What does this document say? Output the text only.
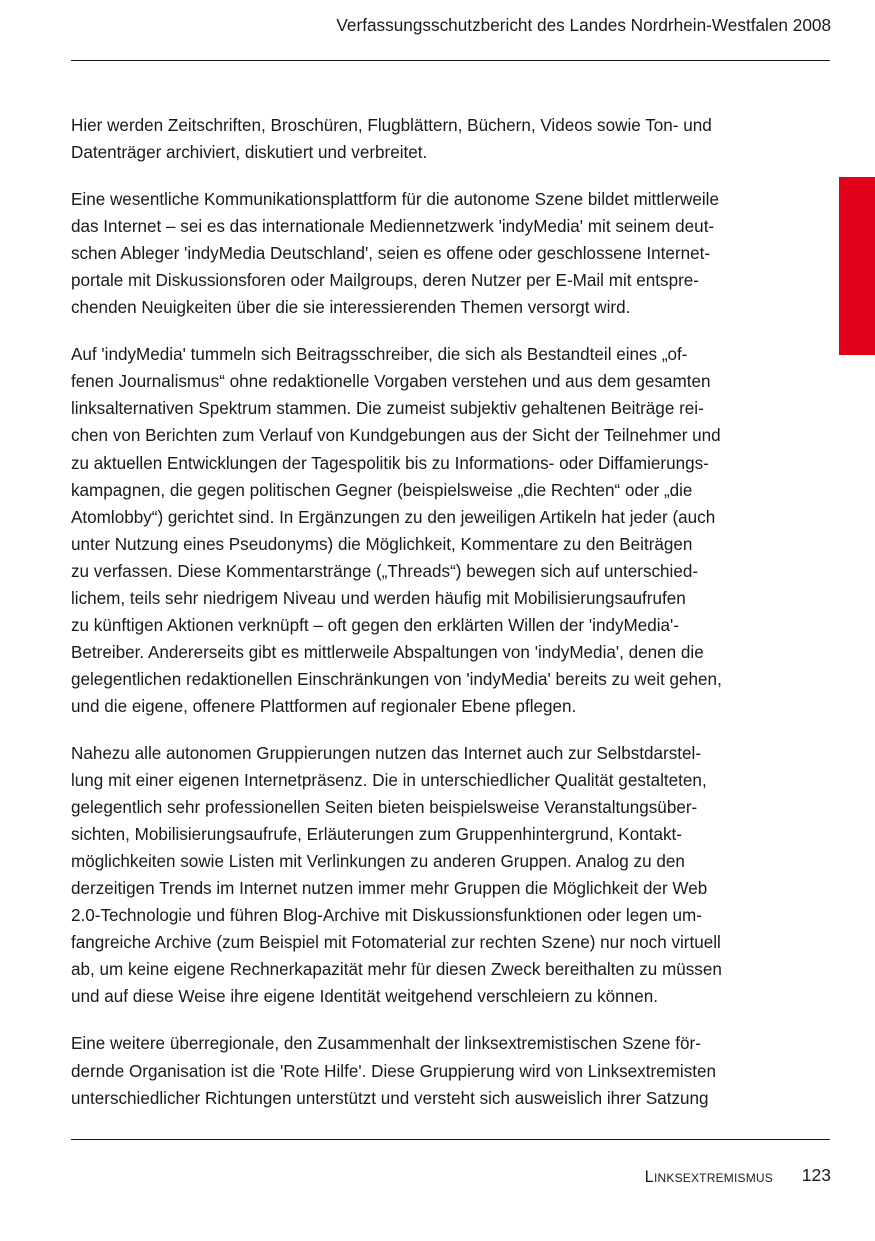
Verfassungsschutzbericht des Landes Nordrhein-Westfalen 2008

Hier werden Zeitschriften, Broschüren, Flugblättern, Büchern, Videos sowie Ton- und
Datenträger archiviert, diskutiert und verbreitet.

Eine wesentliche Kommunikationsplattform für die autonome Szene bildet mittlerweile
das Internet – sei es das internationale Mediennetzwerk 'indyMedia' mit seinem deut-
schen Ableger 'indyMedia Deutschland', seien es offene oder geschlossene Internet-
portale mit Diskussionsforen oder Mailgroups, deren Nutzer per E-Mail mit entspre-
chenden Neuigkeiten über die sie interessierenden Themen versorgt wird.

Auf 'indyMedia' tummeln sich Beitragsschreiber, die sich als Bestandteil eines „of-
fenen Journalismus“ ohne redaktionelle Vorgaben verstehen und aus dem gesamten
linksalternativen Spektrum stammen. Die zumeist subjektiv gehaltenen Beiträge rei-
chen von Berichten zum Verlauf von Kundgebungen aus der Sicht der Teilnehmer und
zu aktuellen Entwicklungen der Tagespolitik bis zu Informations- oder Diffamierungs-
kampagnen, die gegen politischen Gegner (beispielsweise „die Rechten“ oder „die
Atomlobby“) gerichtet sind. In Ergänzungen zu den jeweiligen Artikeln hat jeder (auch
unter Nutzung eines Pseudonyms) die Möglichkeit, Kommentare zu den Beiträgen
zu verfassen. Diese Kommentarstränge („Threads“) bewegen sich auf unterschied-
lichem, teils sehr niedrigem Niveau und werden häufig mit Mobilisierungsaufrufen
zu künftigen Aktionen verknüpft – oft gegen den erklärten Willen der 'indyMedia'-
Betreiber. Andererseits gibt es mittlerweile Abspaltungen von 'indyMedia', denen die
gelegentlichen redaktionellen Einschränkungen von 'indyMedia' bereits zu weit gehen,
und die eigene, offenere Plattformen auf regionaler Ebene pflegen.

Nahezu alle autonomen Gruppierungen nutzen das Internet auch zur Selbstdarstel-
lung mit einer eigenen Internetpräsenz. Die in unterschiedlicher Qualität gestalteten,
gelegentlich sehr professionellen Seiten bieten beispielsweise Veranstaltungsüber-
sichten, Mobilisierungsaufrufe, Erläuterungen zum Gruppenhintergrund, Kontakt-
möglichkeiten sowie Listen mit Verlinkungen zu anderen Gruppen. Analog zu den
derzeitigen Trends im Internet nutzen immer mehr Gruppen die Möglichkeit der Web
2.0-Technologie und führen Blog-Archive mit Diskussionsfunktionen oder legen um-
fangreiche Archive (zum Beispiel mit Fotomaterial zur rechten Szene) nur noch virtuell
ab, um keine eigene Rechnerkapazität mehr für diesen Zweck bereithalten zu müssen
und auf diese Weise ihre eigene Identität weitgehend verschleiern zu können.

Eine weitere überregionale, den Zusammenhalt der linksextremistischen Szene för-
dernde Organisation ist die 'Rote Hilfe'. Diese Gruppierung wird von Linksextremisten
unterschiedlicher Richtungen unterstützt und versteht sich ausweislich ihrer Satzung

Linksextremismus 123
